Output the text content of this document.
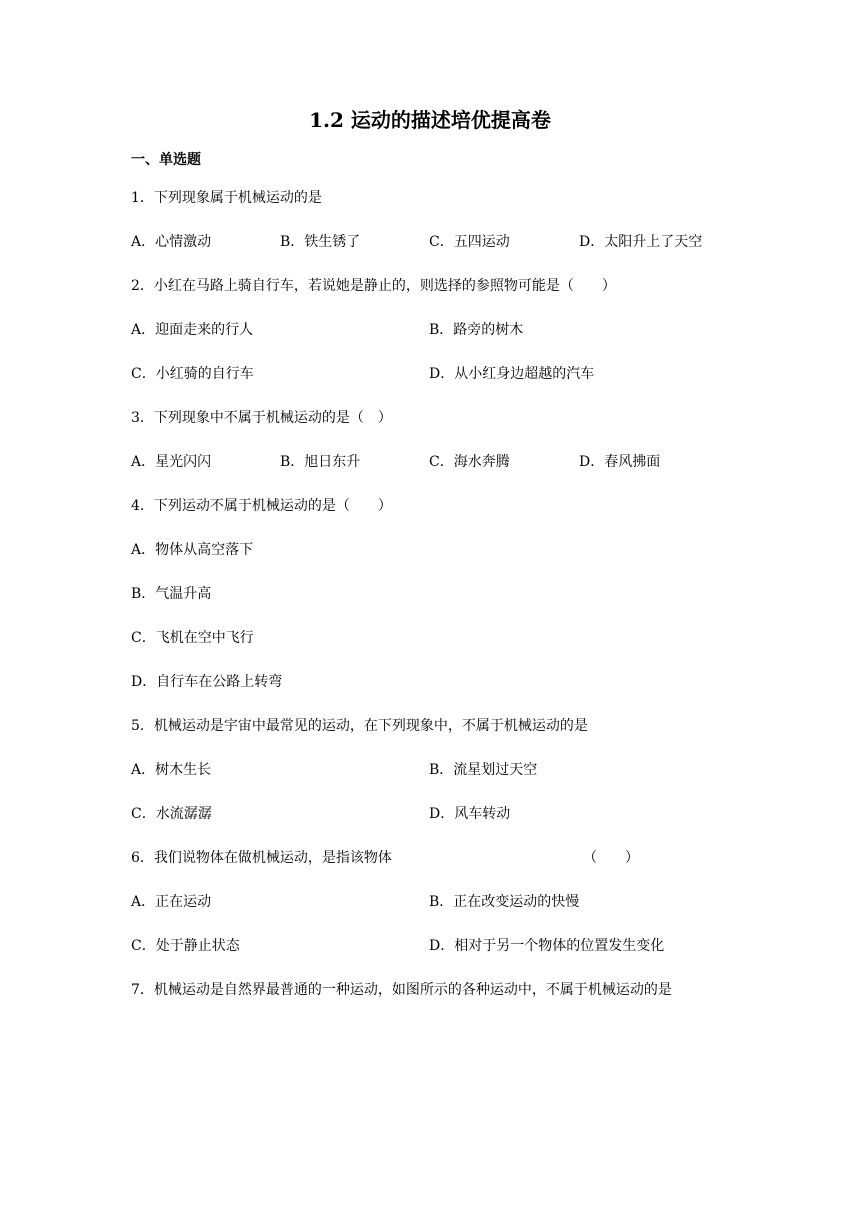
1.2 运动的描述培优提高卷
一、单选题
1．下列现象属于机械运动的是
A．心情激动	B．铁生锈了	C．五四运动	D．太阳升上了天空
2．小红在马路上骑自行车，若说她是静止的，则选择的参照物可能是（　　）
A．迎面走来的行人	B．路旁的树木
C．小红骑的自行车	D．从小红身边超越的汽车
3．下列现象中不属于机械运动的是（　）
A．星光闪闪	B．旭日东升	C．海水奔腾	D．春风拂面
4．下列运动不属于机械运动的是（　　）
A．物体从高空落下
B．气温升高
C．飞机在空中飞行
D．自行车在公路上转弯
5．机械运动是宇宙中最常见的运动，在下列现象中，不属于机械运动的是
A．树木生长	B．流星划过天空
C．水流潺潺	D．风车转动
6．我们说物体在做机械运动，是指该物体	（　　）
A．正在运动	B．正在改变运动的快慢
C．处于静止状态	D．相对于另一个物体的位置发生变化
7．机械运动是自然界最普通的一种运动，如图所示的各种运动中，不属于机械运动的是
